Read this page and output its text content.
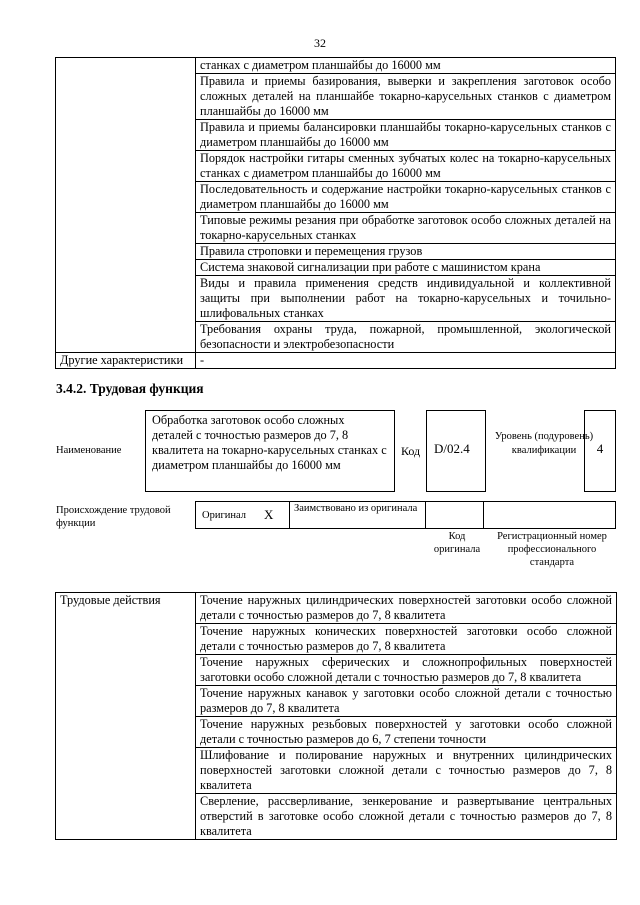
32
	станках с диаметром планшайбы до 16000 мм
	Правила и приемы базирования, выверки и закрепления заготовок особо сложных деталей на планшайбе токарно-карусельных станков с диаметром планшайбы до 16000 мм
	Правила и приемы балансировки планшайбы токарно-карусельных станков с диаметром планшайбы до 16000 мм
	Порядок настройки гитары сменных зубчатых колес на токарно-карусельных станках с диаметром планшайбы до 16000 мм
	Последовательность и содержание настройки токарно-карусельных станков с диаметром планшайбы до 16000 мм
	Типовые режимы резания при обработке заготовок особо сложных деталей на токарно-карусельных станках
	Правила строповки и перемещения грузов
	Система знаковой сигнализации при работе с машинистом крана
	Виды и правила применения средств индивидуальной и коллективной защиты при выполнении работ на токарно-карусельных и точильно-шлифовальных станках
	Требования охраны труда, пожарной, промышленной, экологической безопасности и электробезопасности
Другие характеристики	-
3.4.2. Трудовая функция
Наименование
Обработка заготовок особо сложных деталей с точностью размеров до 7, 8 квалитета на токарно-карусельных станках с диаметром планшайбы до 16000 мм
Код	D/02.4
Уровень (подуровень) квалификации	4
Происхождение трудовой функции
Оригинал X Заимствовано из оригинала
Код оригинала
Регистрационный номер профессионального стандарта
Трудовые действия	Точение наружных цилиндрических поверхностей заготовки особо сложной детали с точностью размеров до 7, 8 квалитета
Точение наружных конических поверхностей заготовки особо сложной детали с точностью размеров до 7, 8 квалитета
Точение наружных сферических и сложнопрофильных поверхностей заготовки особо сложной детали с точностью размеров до 7, 8 квалитета
Точение наружных канавок у заготовки особо сложной детали с точностью размеров до 7, 8 квалитета
Точение наружных резьбовых поверхностей у заготовки особо сложной детали с точностью размеров до 6, 7 степени точности
Шлифование и полирование наружных и внутренних цилиндрических поверхностей заготовки сложной детали с точностью размеров до 7, 8 квалитета
Сверление, рассверливание, зенкерование и развертывание центральных отверстий в заготовке особо сложной детали с точностью размеров до 7, 8 квалитета
